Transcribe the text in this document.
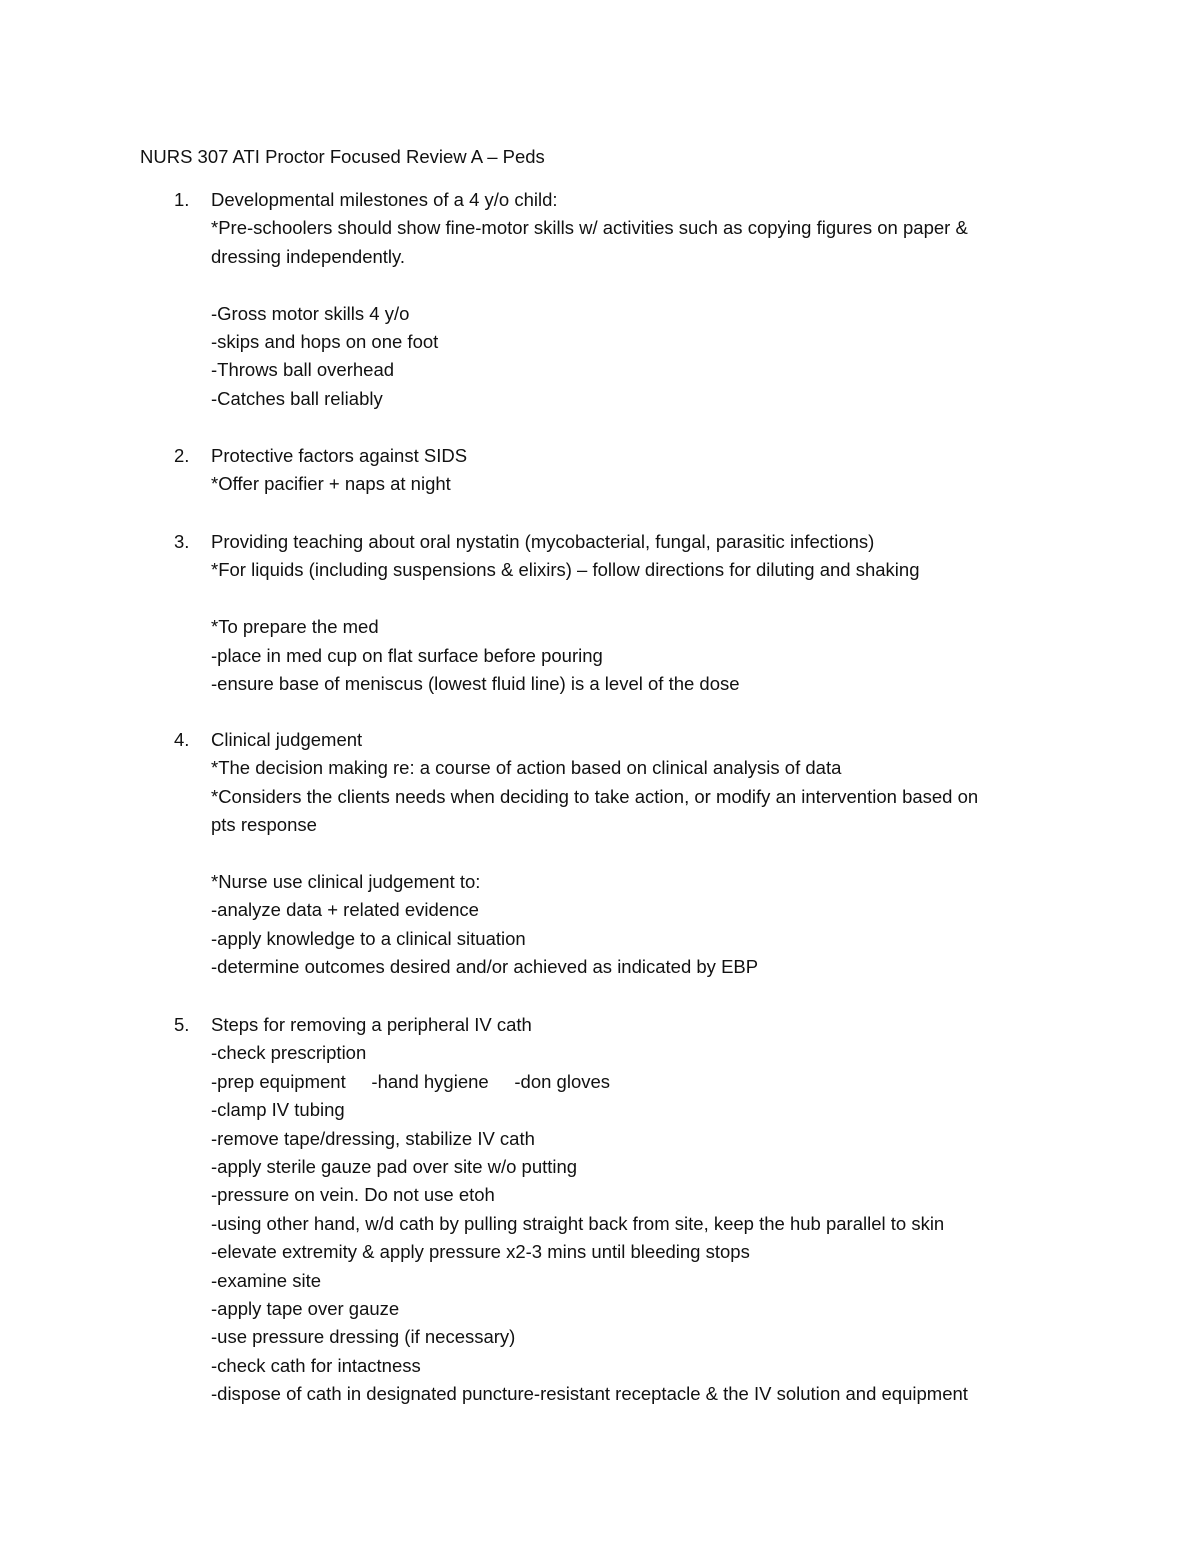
NURS 307 ATI Proctor Focused Review A – Peds
1. Developmental milestones of a 4 y/o child:
*Pre-schoolers should show fine-motor skills w/ activities such as copying figures on paper &
dressing independently.
-Gross motor skills 4 y/o
-skips and hops on one foot
-Throws ball overhead
-Catches ball reliably
2. Protective factors against SIDS
*Offer pacifier + naps at night
3. Providing teaching about oral nystatin (mycobacterial, fungal, parasitic infections)
*For liquids (including suspensions & elixirs) – follow directions for diluting and shaking
*To prepare the med
-place in med cup on flat surface before pouring
-ensure base of meniscus (lowest fluid line) is a level of the dose
4. Clinical judgement
*The decision making re: a course of action based on clinical analysis of data
*Considers the clients needs when deciding to take action, or modify an intervention based on
pts response
*Nurse use clinical judgement to:
-analyze data + related evidence
-apply knowledge to a clinical situation
-determine outcomes desired and/or achieved as indicated by EBP
5. Steps for removing a peripheral IV cath
-check prescription
-prep equipment     -hand hygiene     -don gloves
-clamp IV tubing
-remove tape/dressing, stabilize IV cath
-apply sterile gauze pad over site w/o putting
-pressure on vein. Do not use etoh
-using other hand, w/d cath by pulling straight back from site, keep the hub parallel to skin
-elevate extremity & apply pressure x2-3 mins until bleeding stops
-examine site
-apply tape over gauze
-use pressure dressing (if necessary)
-check cath for intactness
-dispose of cath in designated puncture-resistant receptacle & the IV solution and equipment
